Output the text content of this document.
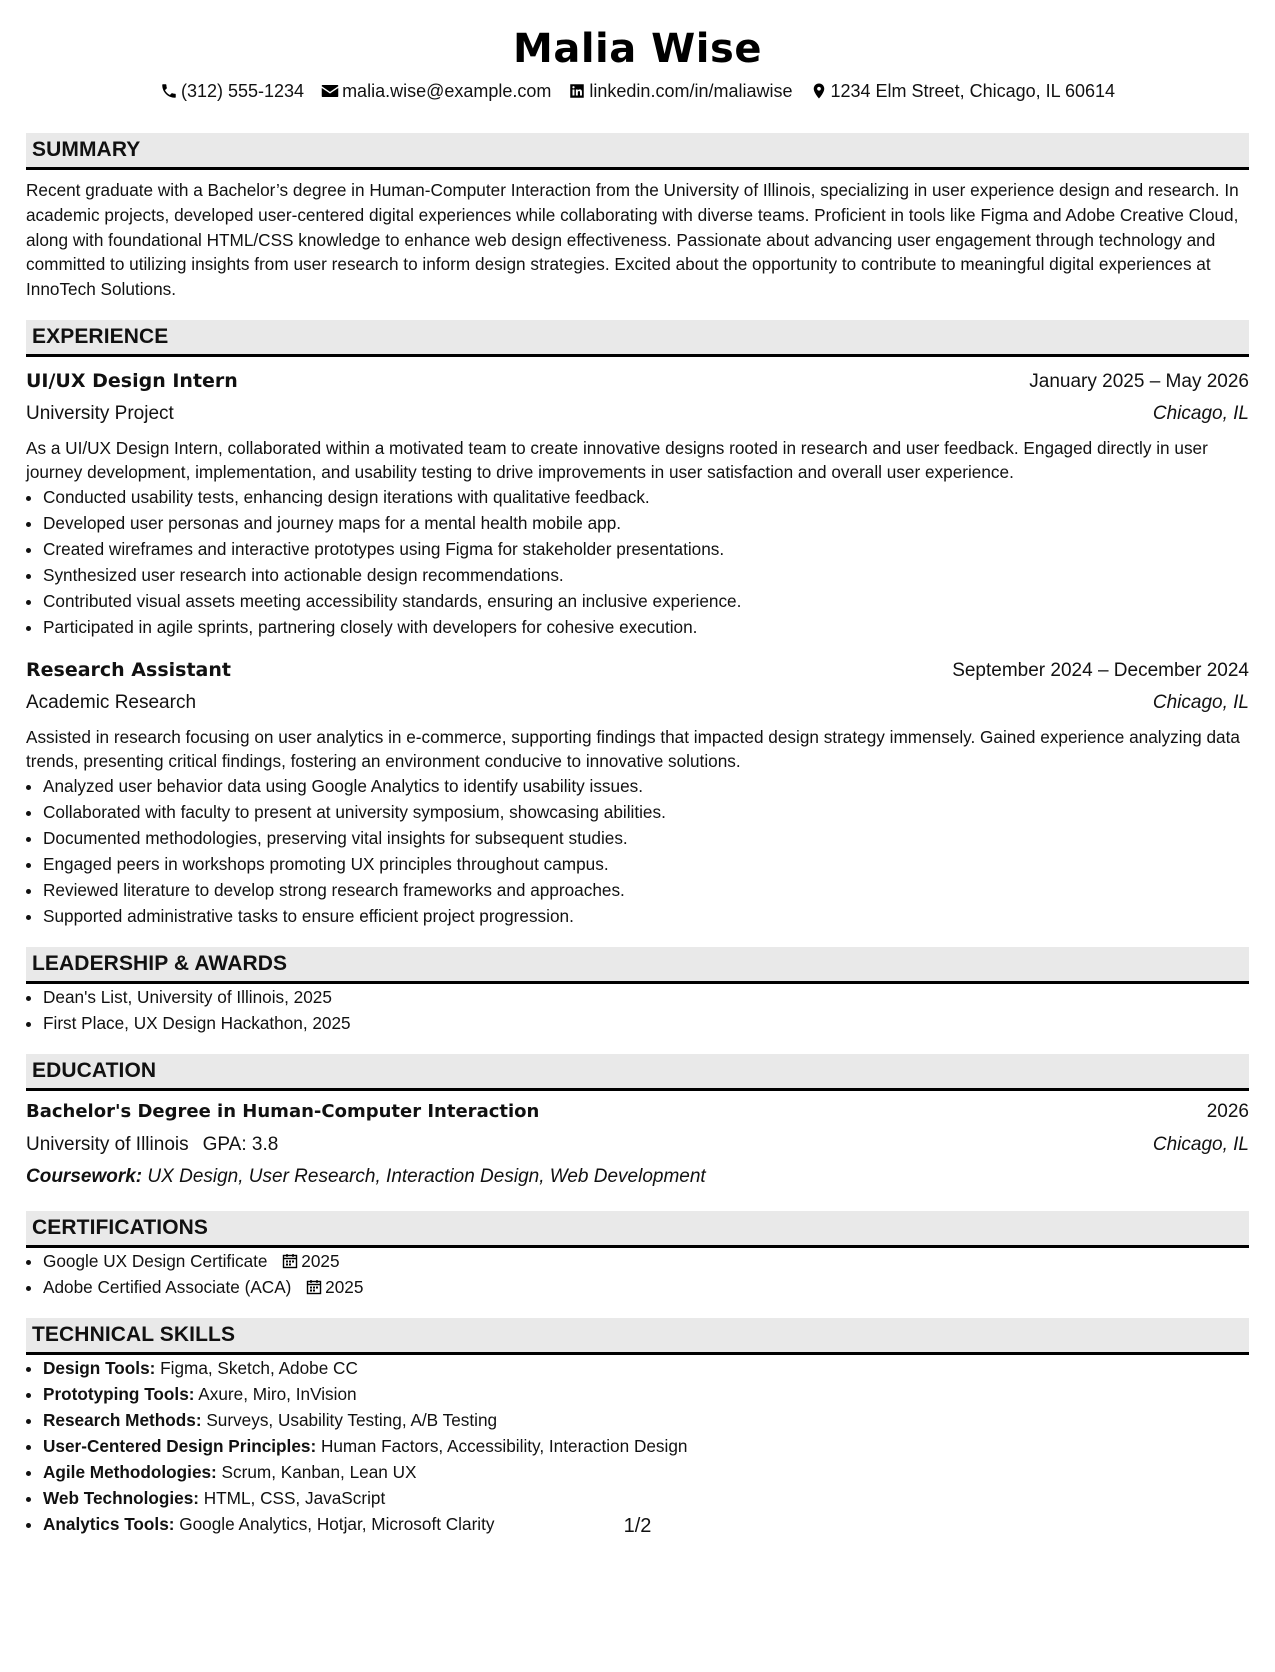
Malia Wise
(312) 555-1234 malia.wise@example.com linkedin.com/in/maliawise 1234 Elm Street, Chicago, IL 60614
SUMMARY
Recent graduate with a Bachelor’s degree in Human-Computer Interaction from the University of Illinois, specializing in user experience design and research. In academic projects, developed user-centered digital experiences while collaborating with diverse teams. Proficient in tools like Figma and Adobe Creative Cloud, along with foundational HTML/CSS knowledge to enhance web design effectiveness. Passionate about advancing user engagement through technology and committed to utilizing insights from user research to inform design strategies. Excited about the opportunity to contribute to meaningful digital experiences at InnoTech Solutions.
EXPERIENCE
UI/UX Design Intern	January 2025 – May 2026
University Project	Chicago, IL
As a UI/UX Design Intern, collaborated within a motivated team to create innovative designs rooted in research and user feedback. Engaged directly in user journey development, implementation, and usability testing to drive improvements in user satisfaction and overall user experience.
• Conducted usability tests, enhancing design iterations with qualitative feedback.
• Developed user personas and journey maps for a mental health mobile app.
• Created wireframes and interactive prototypes using Figma for stakeholder presentations.
• Synthesized user research into actionable design recommendations.
• Contributed visual assets meeting accessibility standards, ensuring an inclusive experience.
• Participated in agile sprints, partnering closely with developers for cohesive execution.
Research Assistant	September 2024 – December 2024
Academic Research	Chicago, IL
Assisted in research focusing on user analytics in e-commerce, supporting findings that impacted design strategy immensely. Gained experience analyzing data trends, presenting critical findings, fostering an environment conducive to innovative solutions.
• Analyzed user behavior data using Google Analytics to identify usability issues.
• Collaborated with faculty to present at university symposium, showcasing abilities.
• Documented methodologies, preserving vital insights for subsequent studies.
• Engaged peers in workshops promoting UX principles throughout campus.
• Reviewed literature to develop strong research frameworks and approaches.
• Supported administrative tasks to ensure efficient project progression.
LEADERSHIP & AWARDS
• Dean's List, University of Illinois, 2025
• First Place, UX Design Hackathon, 2025
EDUCATION
Bachelor's Degree in Human-Computer Interaction	2026
University of Illinois GPA: 3.8	Chicago, IL
Coursework: UX Design, User Research, Interaction Design, Web Development
CERTIFICATIONS
• Google UX Design Certificate 2025
• Adobe Certified Associate (ACA) 2025
TECHNICAL SKILLS
• Design Tools: Figma, Sketch, Adobe CC
• Prototyping Tools: Axure, Miro, InVision
• Research Methods: Surveys, Usability Testing, A/B Testing
• User-Centered Design Principles: Human Factors, Accessibility, Interaction Design
• Agile Methodologies: Scrum, Kanban, Lean UX
• Web Technologies: HTML, CSS, JavaScript
• Analytics Tools: Google Analytics, Hotjar, Microsoft Clarity	1/2
